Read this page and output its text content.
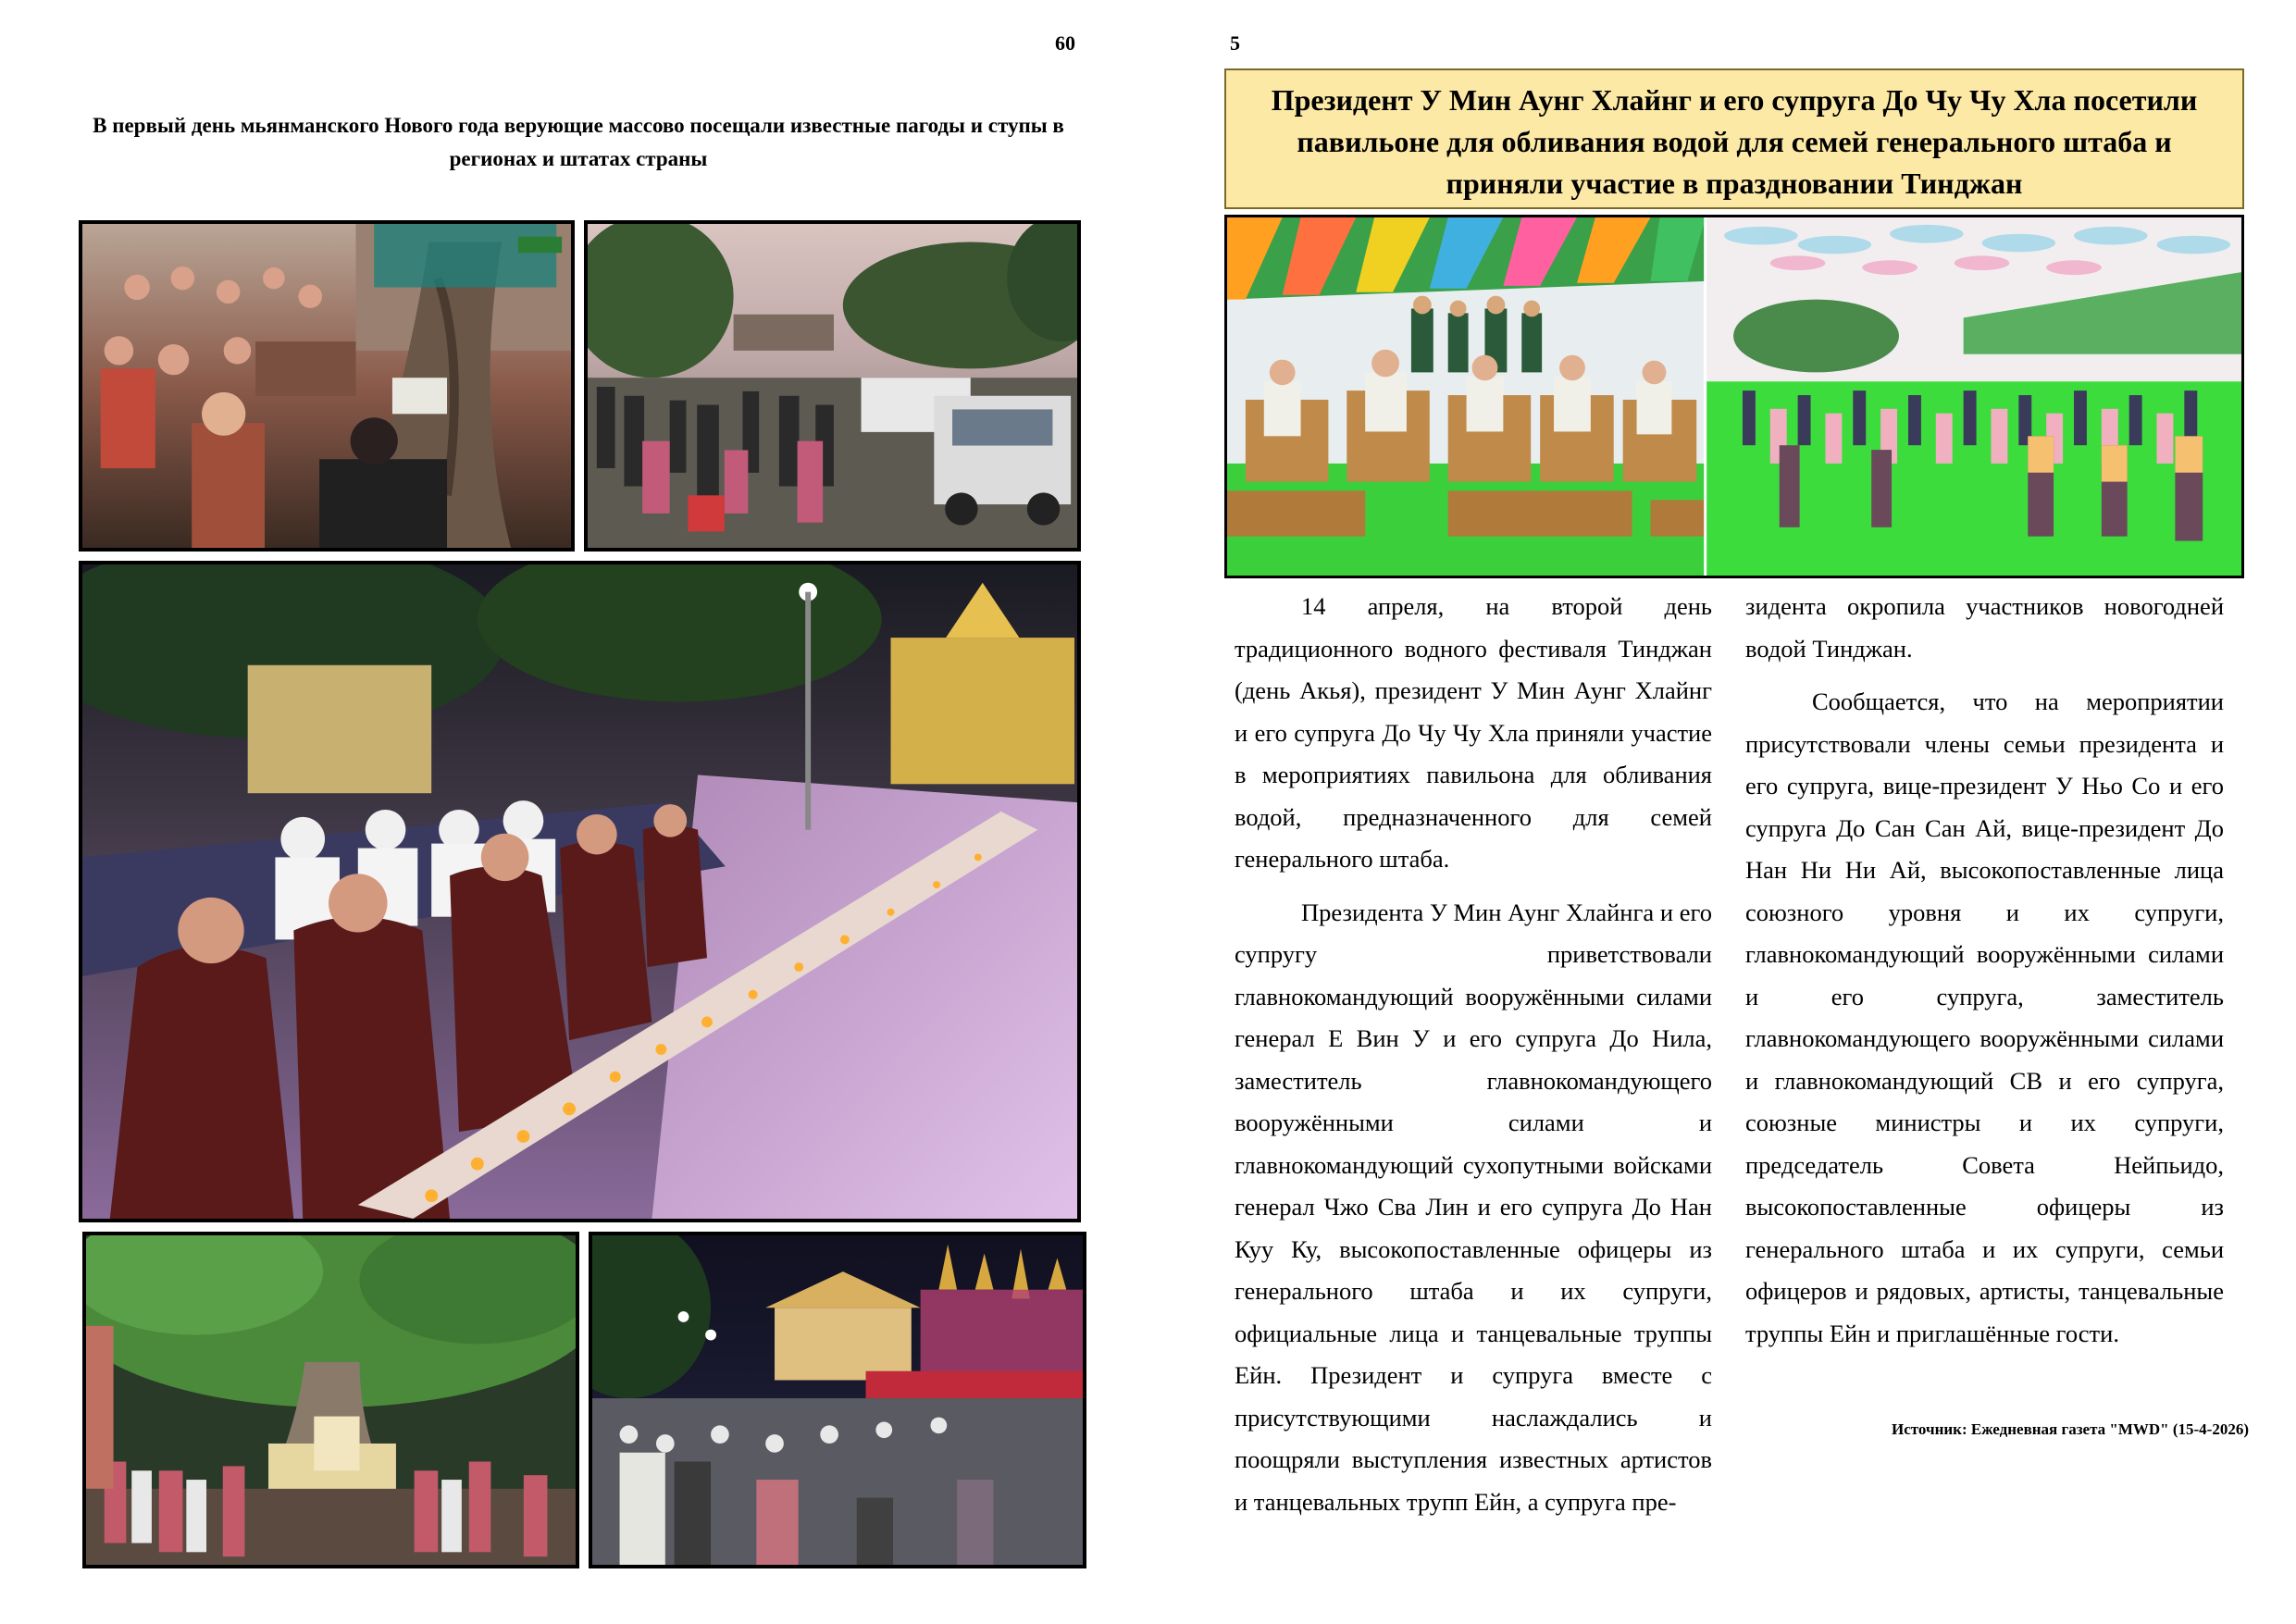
60
В первый день мьянманского Нового года верующие массово посещали известные пагоды и ступы в регионах и штатах страны
5
Президент У Мин Аунг Хлайнг и его супруга До Чу Чу Хла посетили павильоне для обливания водой для семей генерального штаба и приняли участие в праздновании Тинджан

14 апреля, на второй день традиционного водного фестиваля Тинджан (день Акья), президент У Мин Аунг Хлайнг и его супруга До Чу Чу Хла приняли участие в мероприятиях павильона для обливания водой, предназначенного для семей генерального штаба.

Президента У Мин Аунг Хлайнга и его супругу приветствовали главнокомандующий вооружёнными силами генерал Е Вин У и его супруга До Нила, заместитель главнокомандующего вооружёнными силами и главнокомандующий сухопутными войсками генерал Чжо Сва Лин и его супруга До Нан Куу Ку, высокопоставленные офицеры из генерального штаба и их супруги, официальные лица и танцевальные труппы Ейн. Президент и супруга вместе с присутствующими наслаждались и поощряли выступления известных артистов и танцевальных трупп Ейн, а супруга пре-

зидента окропила участников новогодней водой Тинджан.

Сообщается, что на мероприятии присутствовали члены семьи президента и его супруга, вице-президент У Ньо Со и его супруга До Сан Сан Ай, вице-президент До Нан Ни Ни Ай, высокопоставленные лица союзного уровня и их супруги, главнокомандующий вооружёнными силами и его супруга, заместитель главнокомандующего вооружёнными силами и главнокомандующий СВ и его супруга, союзные министры и их супруги, председатель Совета Нейпьидо, высокопоставленные офицеры из генерального штаба и их супруги, семьи офицеров и рядовых, артисты, танцевальные труппы Ейн и приглашённые гости.

Источник: Ежедневная газета "MWD" (15-4-2026)
